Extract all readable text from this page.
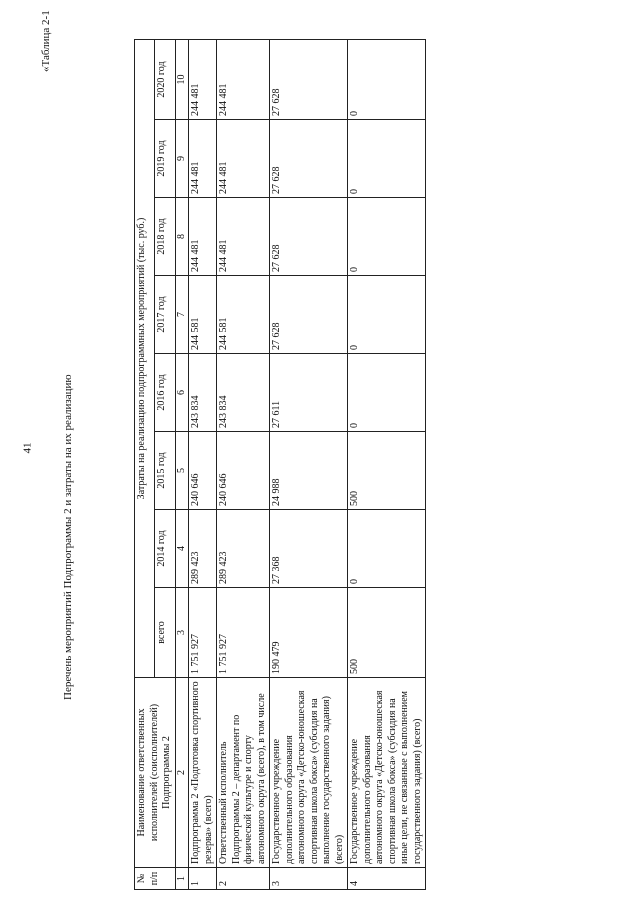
41
«Таблица 2-1
Перечень мероприятий Подпрограммы 2 и затраты на их реализацию
№ п/п	Наименование ответственных исполнителей (соисполнителей) Подпрограммы 2	Затраты на реализацию подпрограммных мероприятий (тыс. руб.)							
		всего	2014 год	2015 год	2016 год	2017 год	2018 год	2019 год	2020 год
1	2	3	4	5	6	7	8	9	10
1	Подпрограмма 2 «Подготовка спортивного резерва» (всего)	1 751 927	289 423	240 646	243 834	244 581	244 481	244 481	244 481
2	Ответственный исполнитель Подпрограммы 2 – департамент по физической культуре и спорту автономного округа (всего), в том числе	1 751 927	289 423	240 646	243 834	244 581	244 481	244 481	244 481
3	Государственное учреждение дополнительного образования автономного округа «Детско-юношеская спортивная школа бокса» (субсидия на выполнение государственного задания) (всего)	190 479	27 368	24 988	27 611	27 628	27 628	27 628	27 628
4	Государственное учреждение дополнительного образования автономного округа «Детско-юношеская спортивная школа бокса» (субсидия на иные цели, не связанные с выполнением государственного задания) (всего)	500	0	500	0	0	0	0	0
